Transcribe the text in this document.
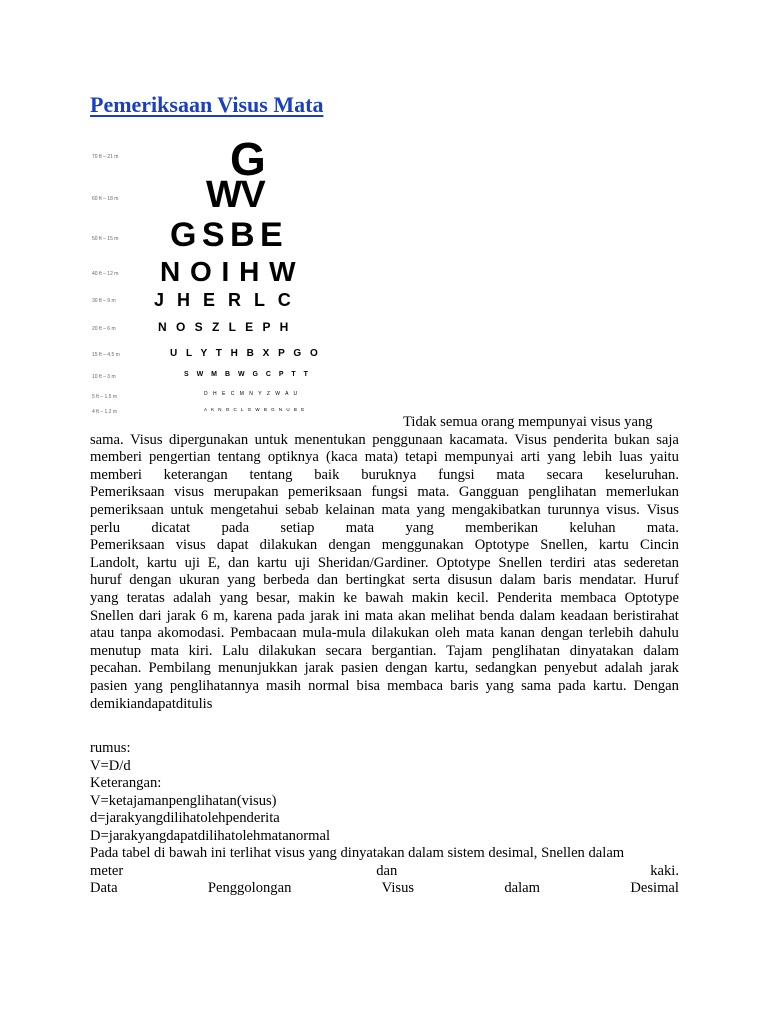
Pemeriksaan Visus Mata
70 ft – 21 m G
60 ft – 18 m W V
50 ft – 15 m G S B E
40 ft – 12 m N O I H W
30 ft – 9 m J H E R L C
20 ft – 6 m	N O S Z L E P H
15 ft – 4.5 m	U L Y T H B X P G O
10 ft – 3 m	S W M B W G C P T T
5 ft – 1.5 m	D H E C M N Y Z W A U
4 ft – 1.2 m	A K N O C L G W B G N U B E
Tidak semua orang mempunyai visus yang
sama. Visus dipergunakan untuk menentukan penggunaan kacamata. Visus penderita bukan saja
memberi pengertian tentang optiknya (kaca mata) tetapi mempunyai arti yang lebih luas yaitu
memberi keterangan tentang baik buruknya fungsi mata secara keseluruhan.
Pemeriksaan visus merupakan pemeriksaan fungsi mata. Gangguan penglihatan memerlukan
pemeriksaan untuk mengetahui sebab kelainan mata yang mengakibatkan turunnya visus. Visus
perlu dicatat pada setiap mata yang memberikan keluhan mata.
Pemeriksaan visus dapat dilakukan dengan menggunakan Optotype Snellen, kartu Cincin
Landolt, kartu uji E, dan kartu uji Sheridan/Gardiner. Optotype Snellen terdiri atas sederetan
huruf dengan ukuran yang berbeda dan bertingkat serta disusun dalam baris mendatar. Huruf
yang teratas adalah yang besar, makin ke bawah makin kecil. Penderita membaca Optotype
Snellen dari jarak 6 m, karena pada jarak ini mata akan melihat benda dalam keadaan beristirahat
atau tanpa akomodasi. Pembacaan mula-mula dilakukan oleh mata kanan dengan terlebih dahulu
menutup mata kiri. Lalu dilakukan secara bergantian. Tajam penglihatan dinyatakan dalam
pecahan. Pembilang menunjukkan jarak pasien dengan kartu, sedangkan penyebut adalah jarak
pasien yang penglihatannya masih normal bisa membaca baris yang sama pada kartu. Dengan
demikiandapatditulis
rumus:
V=D/d
Keterangan:
V=ketajamanpenglihatan(visus)
d=jarakyangdilihatolehpenderita
D=jarakyangdapatdilihatolehmatanormal
Pada tabel di bawah ini terlihat visus yang dinyatakan dalam sistem desimal, Snellen dalam
meter	dan	kaki.
Data	Penggolongan	Visus	dalam	Desimal
